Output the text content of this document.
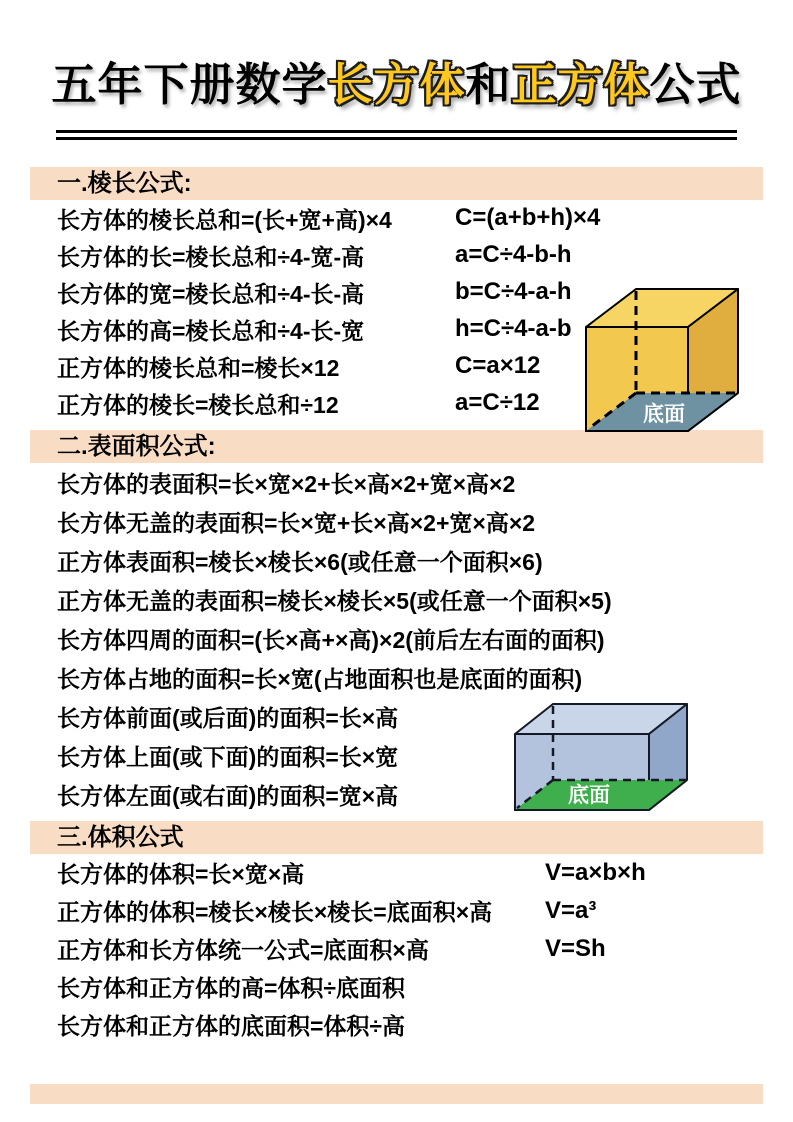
五年下册数学长方体和正方体公式
一.棱长公式:
长方体的棱长总和=(长+宽+高)×4	C=(a+b+h)×4
长方体的长=棱长总和÷4-宽-高	a=C÷4-b-h
长方体的宽=棱长总和÷4-长-高	b=C÷4-a-h
长方体的高=棱长总和÷4-长-宽	h=C÷4-a-b
正方体的棱长总和=棱长×12	C=a×12
正方体的棱长=棱长总和÷12	a=C÷12
二.表面积公式:
长方体的表面积=长×宽×2+长×高×2+宽×高×2
长方体无盖的表面积=长×宽+长×高×2+宽×高×2
正方体表面积=棱长×棱长×6(或任意一个面积×6)
正方体无盖的表面积=棱长×棱长×5(或任意一个面积×5)
长方体四周的面积=(长×高+×高)×2(前后左右面的面积)
长方体占地的面积=长×宽(占地面积也是底面的面积)
长方体前面(或后面)的面积=长×高
长方体上面(或下面)的面积=长×宽
长方体左面(或右面)的面积=宽×高
三.体积公式
长方体的体积=长×宽×高	V=a×b×h
正方体的体积=棱长×棱长×棱长=底面积×高	V=a³
正方体和长方体统一公式=底面积×高	V=Sh
长方体和正方体的高=体积÷底面积
长方体和正方体的底面积=体积÷高
底面
底面
